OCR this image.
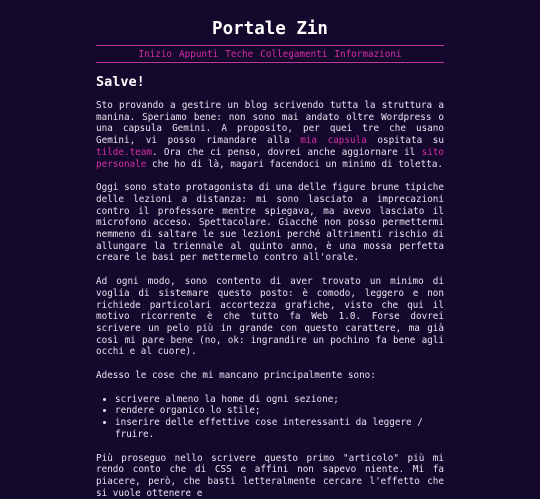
Portale Zin
Inizio Appunti Teche Collegamenti Informazioni
Salve!

Sto provando a gestire un blog scrivendo tutta la struttura a manina. Speriamo bene: non sono mai andato oltre Wordpress o una capsula Gemini. A proposito, per quei tre che usano Gemini, vi posso rimandare alla mia capsula ospitata su tilde.team. Ora che ci penso, dovrei anche aggiornare il sito personale che ho di là, magari facendoci un minimo di toletta.

Oggi sono stato protagonista di una delle figure brune tipiche delle lezioni a distanza: mi sono lasciato a imprecazioni contro il professore mentre spiegava, ma avevo lasciato il microfono acceso. Spettacolare. Giacché non posso permettermi nemmeno di saltare le sue lezioni perché altrimenti rischio di allungare la triennale al quinto anno, è una mossa perfetta creare le basi per mettermelo contro all'orale.

Ad ogni modo, sono contento di aver trovato un minimo di voglia di sistemare questo posto: è comodo, leggero e non richiede particolari accortezza grafiche, visto che qui il motivo ricorrente è che tutto fa Web 1.0. Forse dovrei scrivere un pelo più in grande con questo carattere, ma già così mi pare bene (no, ok: ingrandire un pochino fa bene agli occhi e al cuore).

Adesso le cose che mi mancano principalmente sono:

• scrivere almeno la home di ogni sezione;
• rendere organico lo stile;
• inserire delle effettive cose interessanti da leggere / fruire.

Più proseguo nello scrivere questo primo "articolo" più mi rendo conto che di CSS e affini non sapevo niente. Mi fa piacere, però, che basti letteralmente cercare l'effetto che si vuole ottenere e
